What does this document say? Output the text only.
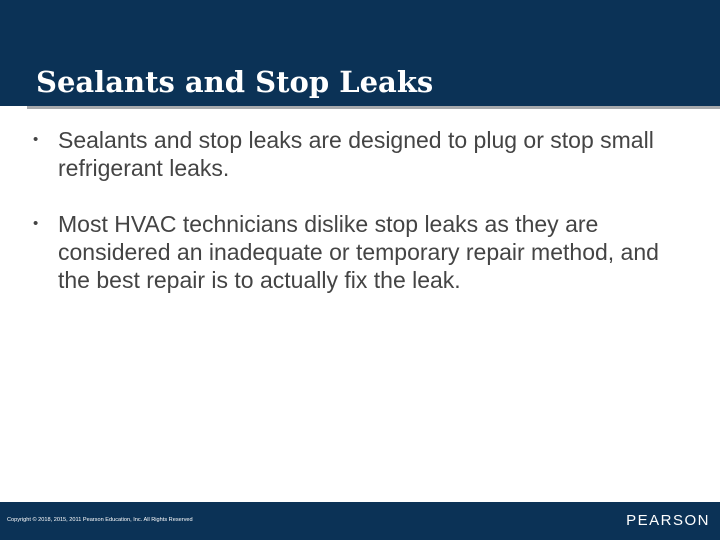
Sealants and Stop Leaks
• Sealants and stop leaks are designed to plug or stop small refrigerant leaks.
• Most HVAC technicians dislike stop leaks as they are considered an inadequate or temporary repair method, and the best repair is to actually fix the leak.
Copyright © 2018, 2015, 2011 Pearson Education, Inc. All Rights Reserved	PEARSON
